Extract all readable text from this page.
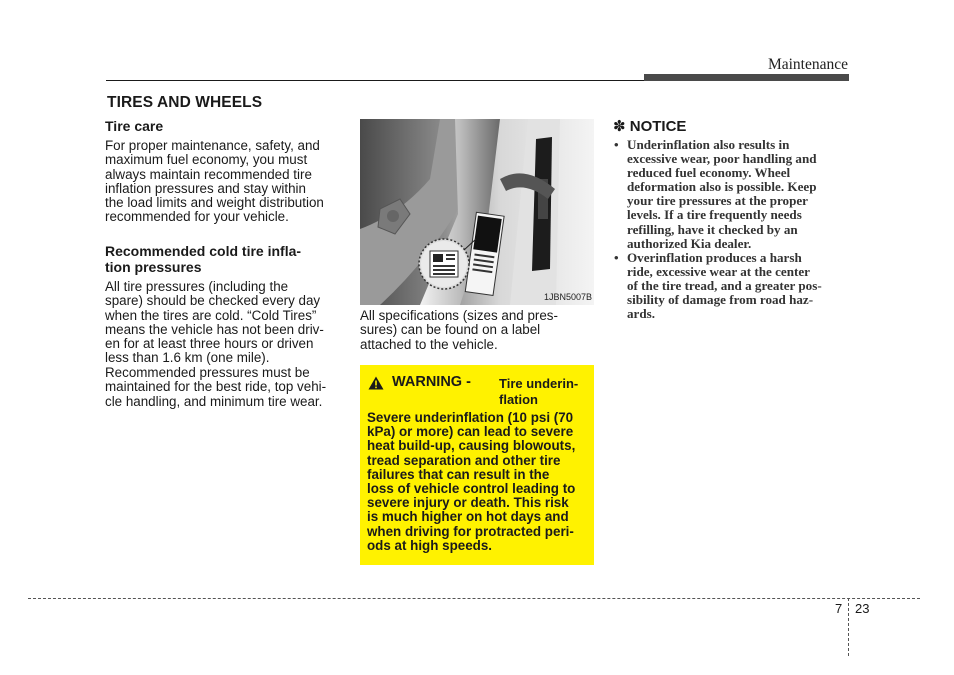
Maintenance
TIRES AND WHEELS
Tire care
For proper maintenance, safety, and
maximum fuel economy, you must
always maintain recommended tire
inflation pressures and stay within
the load limits and weight distribution
recommended for your vehicle.
Recommended cold tire infla-
tion pressures
All tire pressures (including the
spare) should be checked every day
when the tires are cold. “Cold Tires”
means the vehicle has not been driv-
en for at least three hours or driven
less than 1.6 km (one mile).
Recommended pressures must be
maintained for the best ride, top vehi-
cle handling, and minimum tire wear.
1JBN5007B
All specifications (sizes and pres-
sures) can be found on a label
attached to the vehicle.
WARNING - Tire underin-
flation
Severe underinflation (10 psi (70
kPa) or more) can lead to severe
heat build-up, causing blowouts,
tread separation and other tire
failures that can result in the
loss of vehicle control leading to
severe injury or death. This risk
is much higher on hot days and
when driving for protracted peri-
ods at high speeds.
✽ NOTICE
• Underinflation also results in
excessive wear, poor handling and
reduced fuel economy. Wheel
deformation also is possible. Keep
your tire pressures at the proper
levels. If a tire frequently needs
refilling, have it checked by an
authorized Kia dealer.
• Overinflation produces a harsh
ride, excessive wear at the center
of the tire tread, and a greater pos-
sibility of damage from road haz-
ards.
7 23
